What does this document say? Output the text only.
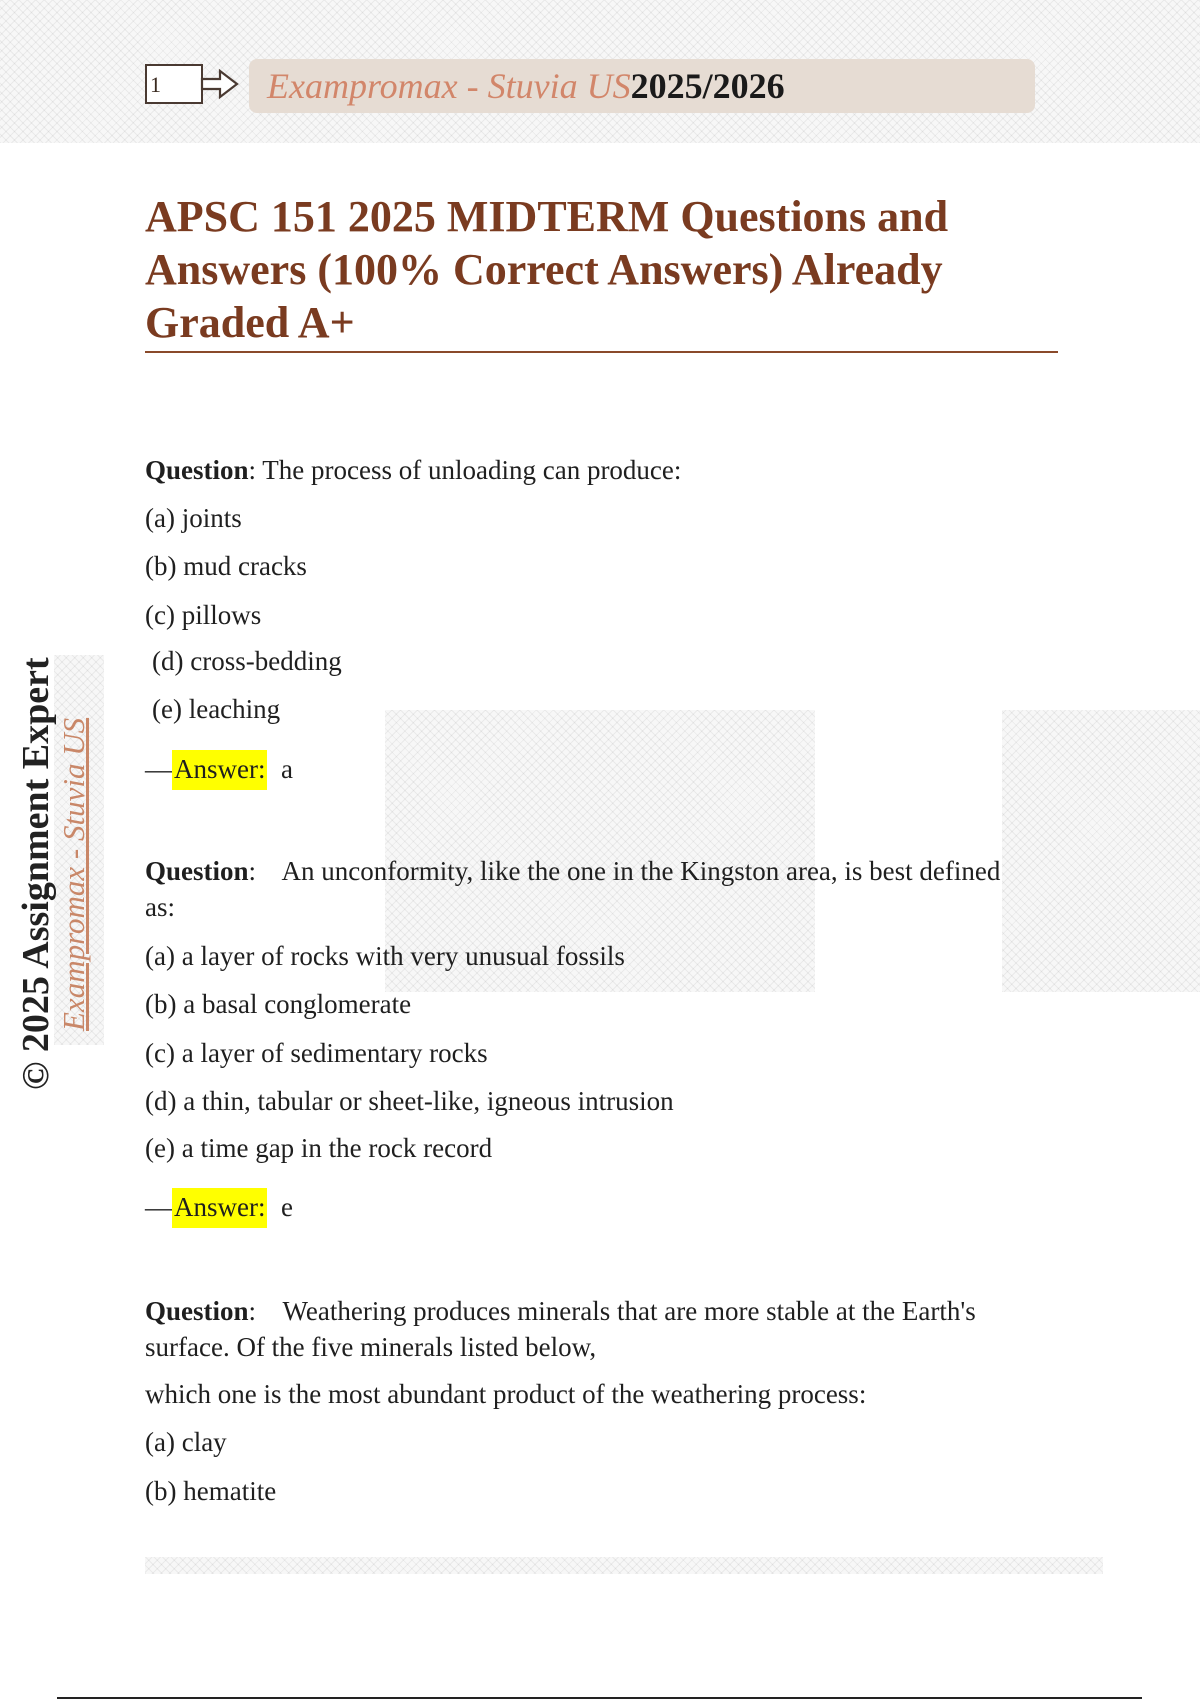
1	Exampromax - Stuvia US2025/2026
APSC 151 2025 MIDTERM Questions and
Answers (100% Correct Answers) Already
Graded A+
© 2025 Assignment Expert Exampromax - Stuvia US
Question: The process of unloading can produce:
(a) joints
(b) mud cracks
(c) pillows
(d) cross-bedding
(e) leaching
—Answer: a
Question:    An unconformity, like the one in the Kingston area, is best defined as:
(a) a layer of rocks with very unusual fossils
(b) a basal conglomerate
(c) a layer of sedimentary rocks
(d) a thin, tabular or sheet-like, igneous intrusion
(e) a time gap in the rock record
—Answer: e
Question:    Weathering produces minerals that are more stable at the Earth's surface. Of the five minerals listed below,
which one is the most abundant product of the weathering process:
(a) clay
(b) hematite
